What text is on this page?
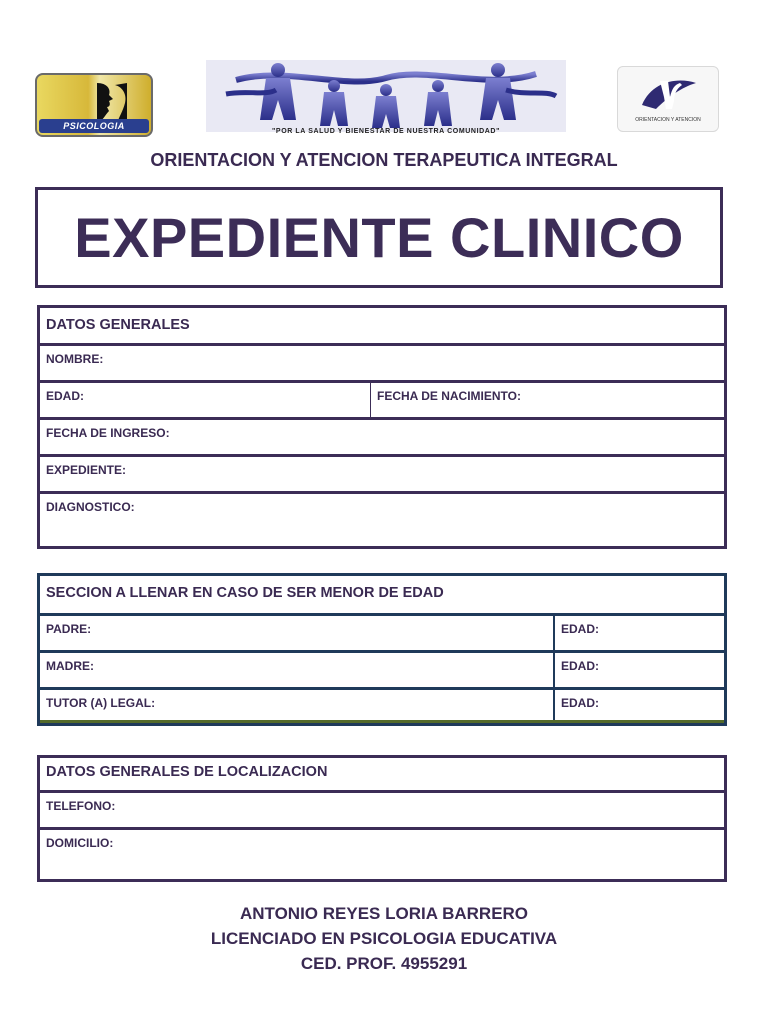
PSICOLOGIA
"POR LA SALUD Y BIENESTAR DE NUESTRA COMUNIDAD"
ORIENTACION Y ATENCION
ORIENTACION Y ATENCION TERAPEUTICA INTEGRAL
EXPEDIENTE CLINICO
DATOS GENERALES
NOMBRE:
EDAD:	FECHA DE NACIMIENTO:
FECHA DE INGRESO:
EXPEDIENTE:
DIAGNOSTICO:
SECCION A LLENAR EN CASO DE SER MENOR DE EDAD
PADRE:	EDAD:
MADRE:	EDAD:
TUTOR (A) LEGAL:	EDAD:
DATOS GENERALES DE LOCALIZACION
TELEFONO:
DOMICILIO:
ANTONIO REYES LORIA BARRERO
LICENCIADO EN PSICOLOGIA EDUCATIVA
CED. PROF. 4955291
